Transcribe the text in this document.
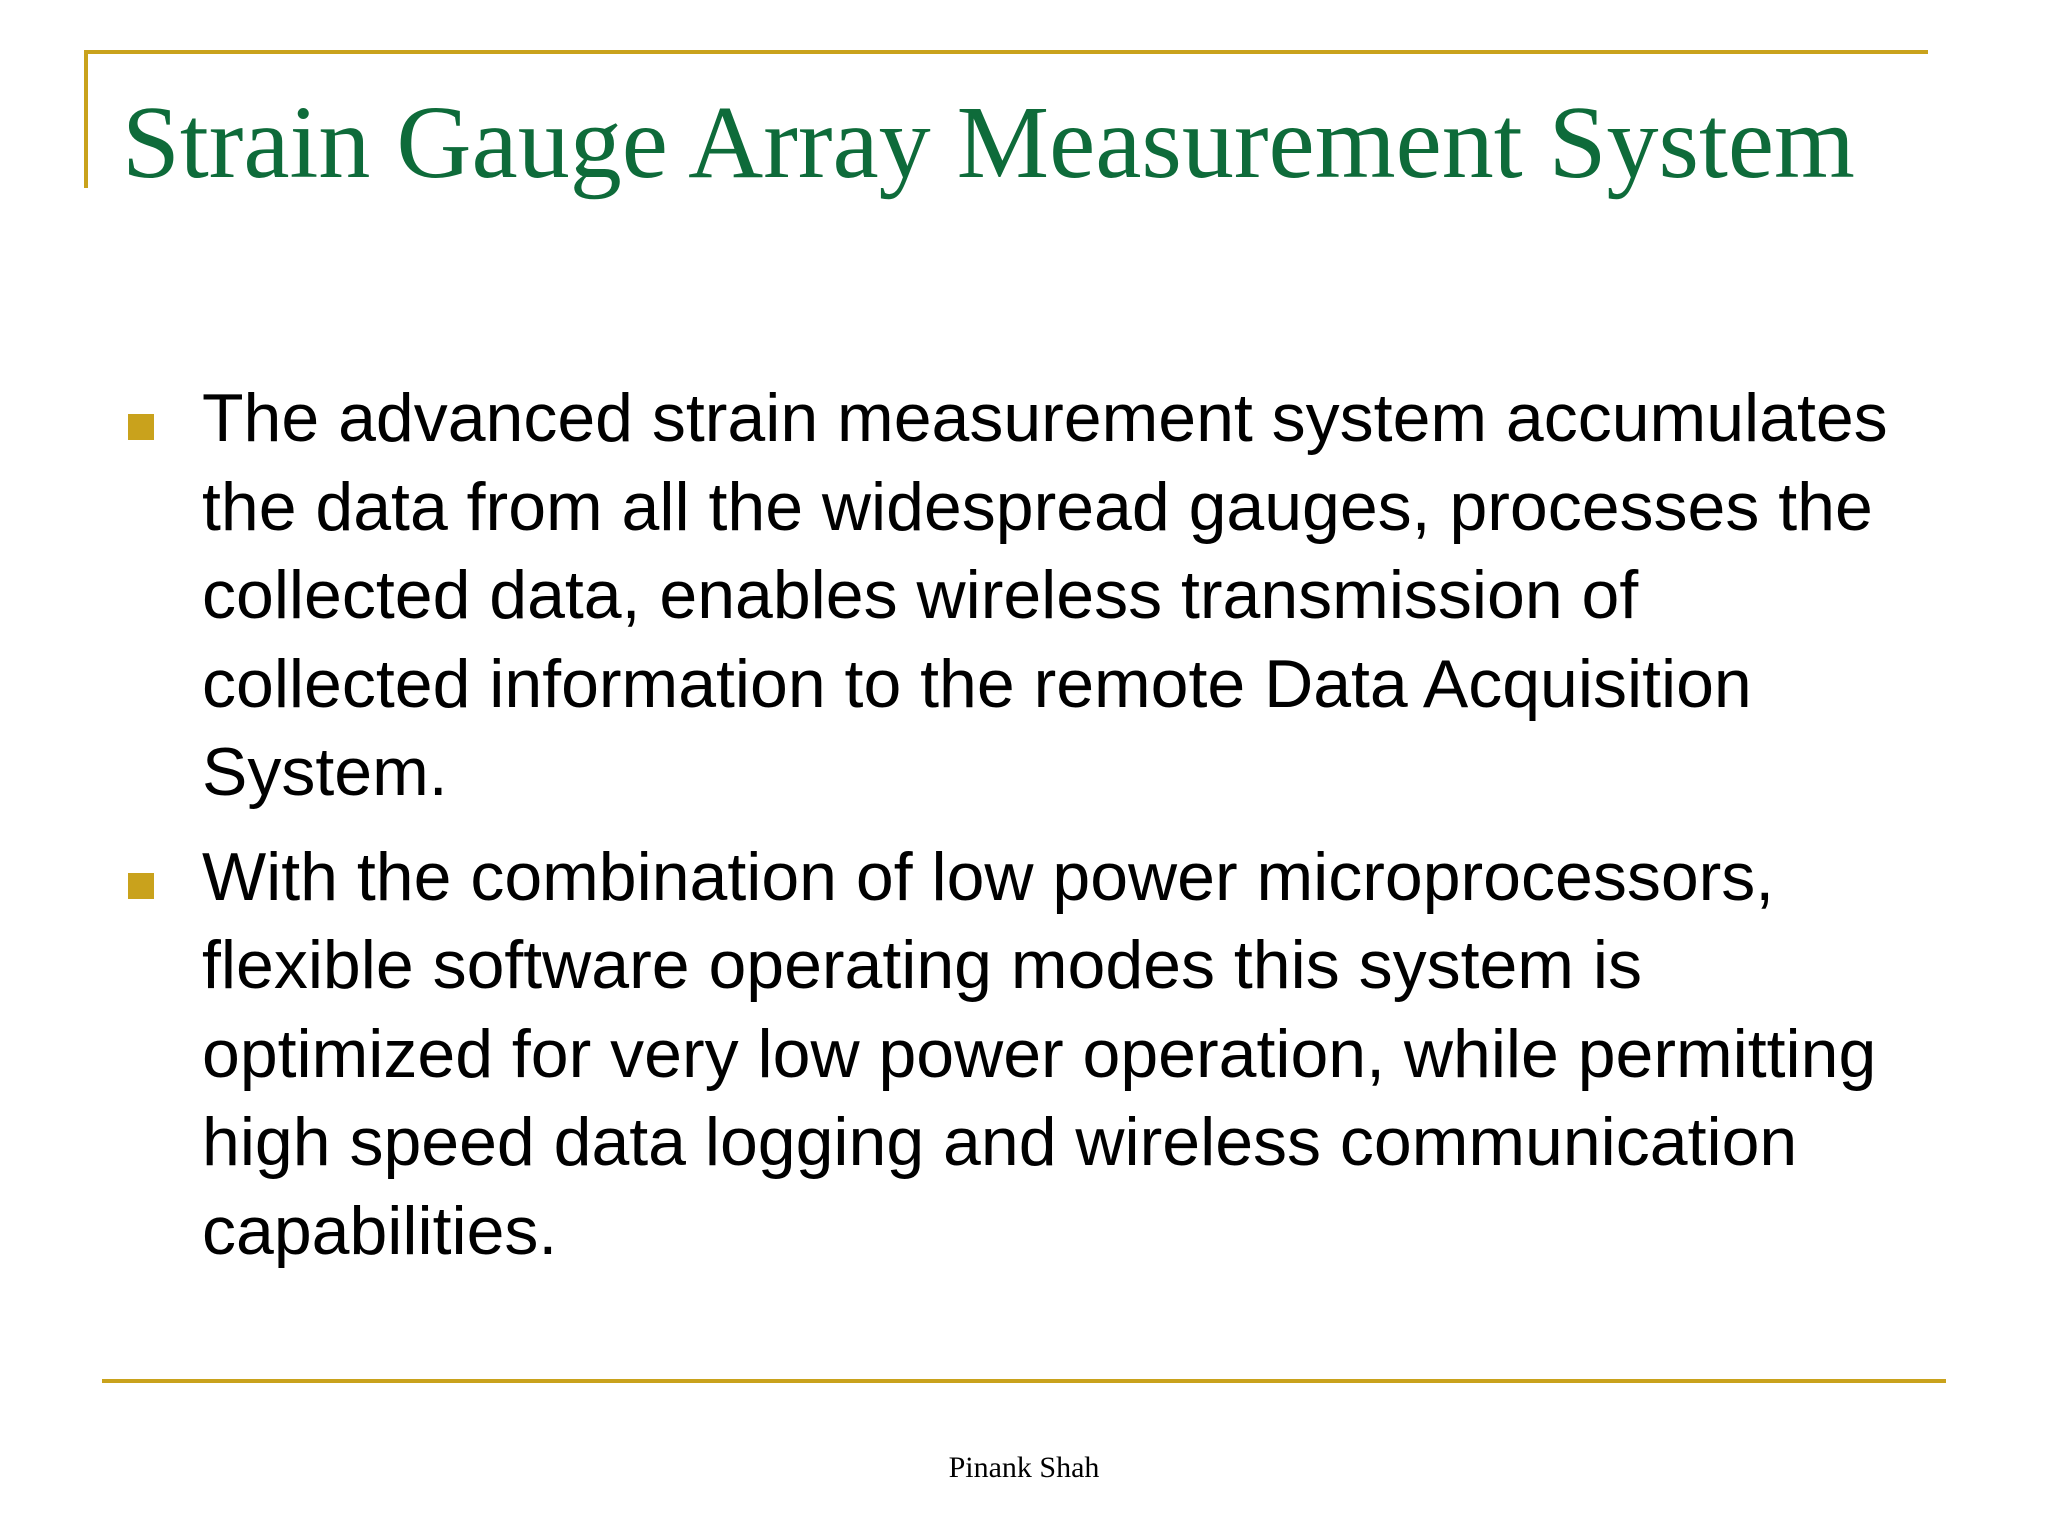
Strain Gauge Array Measurement System
The advanced strain measurement system accumulates the data from all the widespread gauges, processes the collected data, enables wireless transmission of collected information to the remote Data Acquisition System.
With the combination of low power microprocessors, flexible software operating modes this system is optimized for very low power operation, while permitting high speed data logging and wireless communication capabilities.
Pinank Shah
